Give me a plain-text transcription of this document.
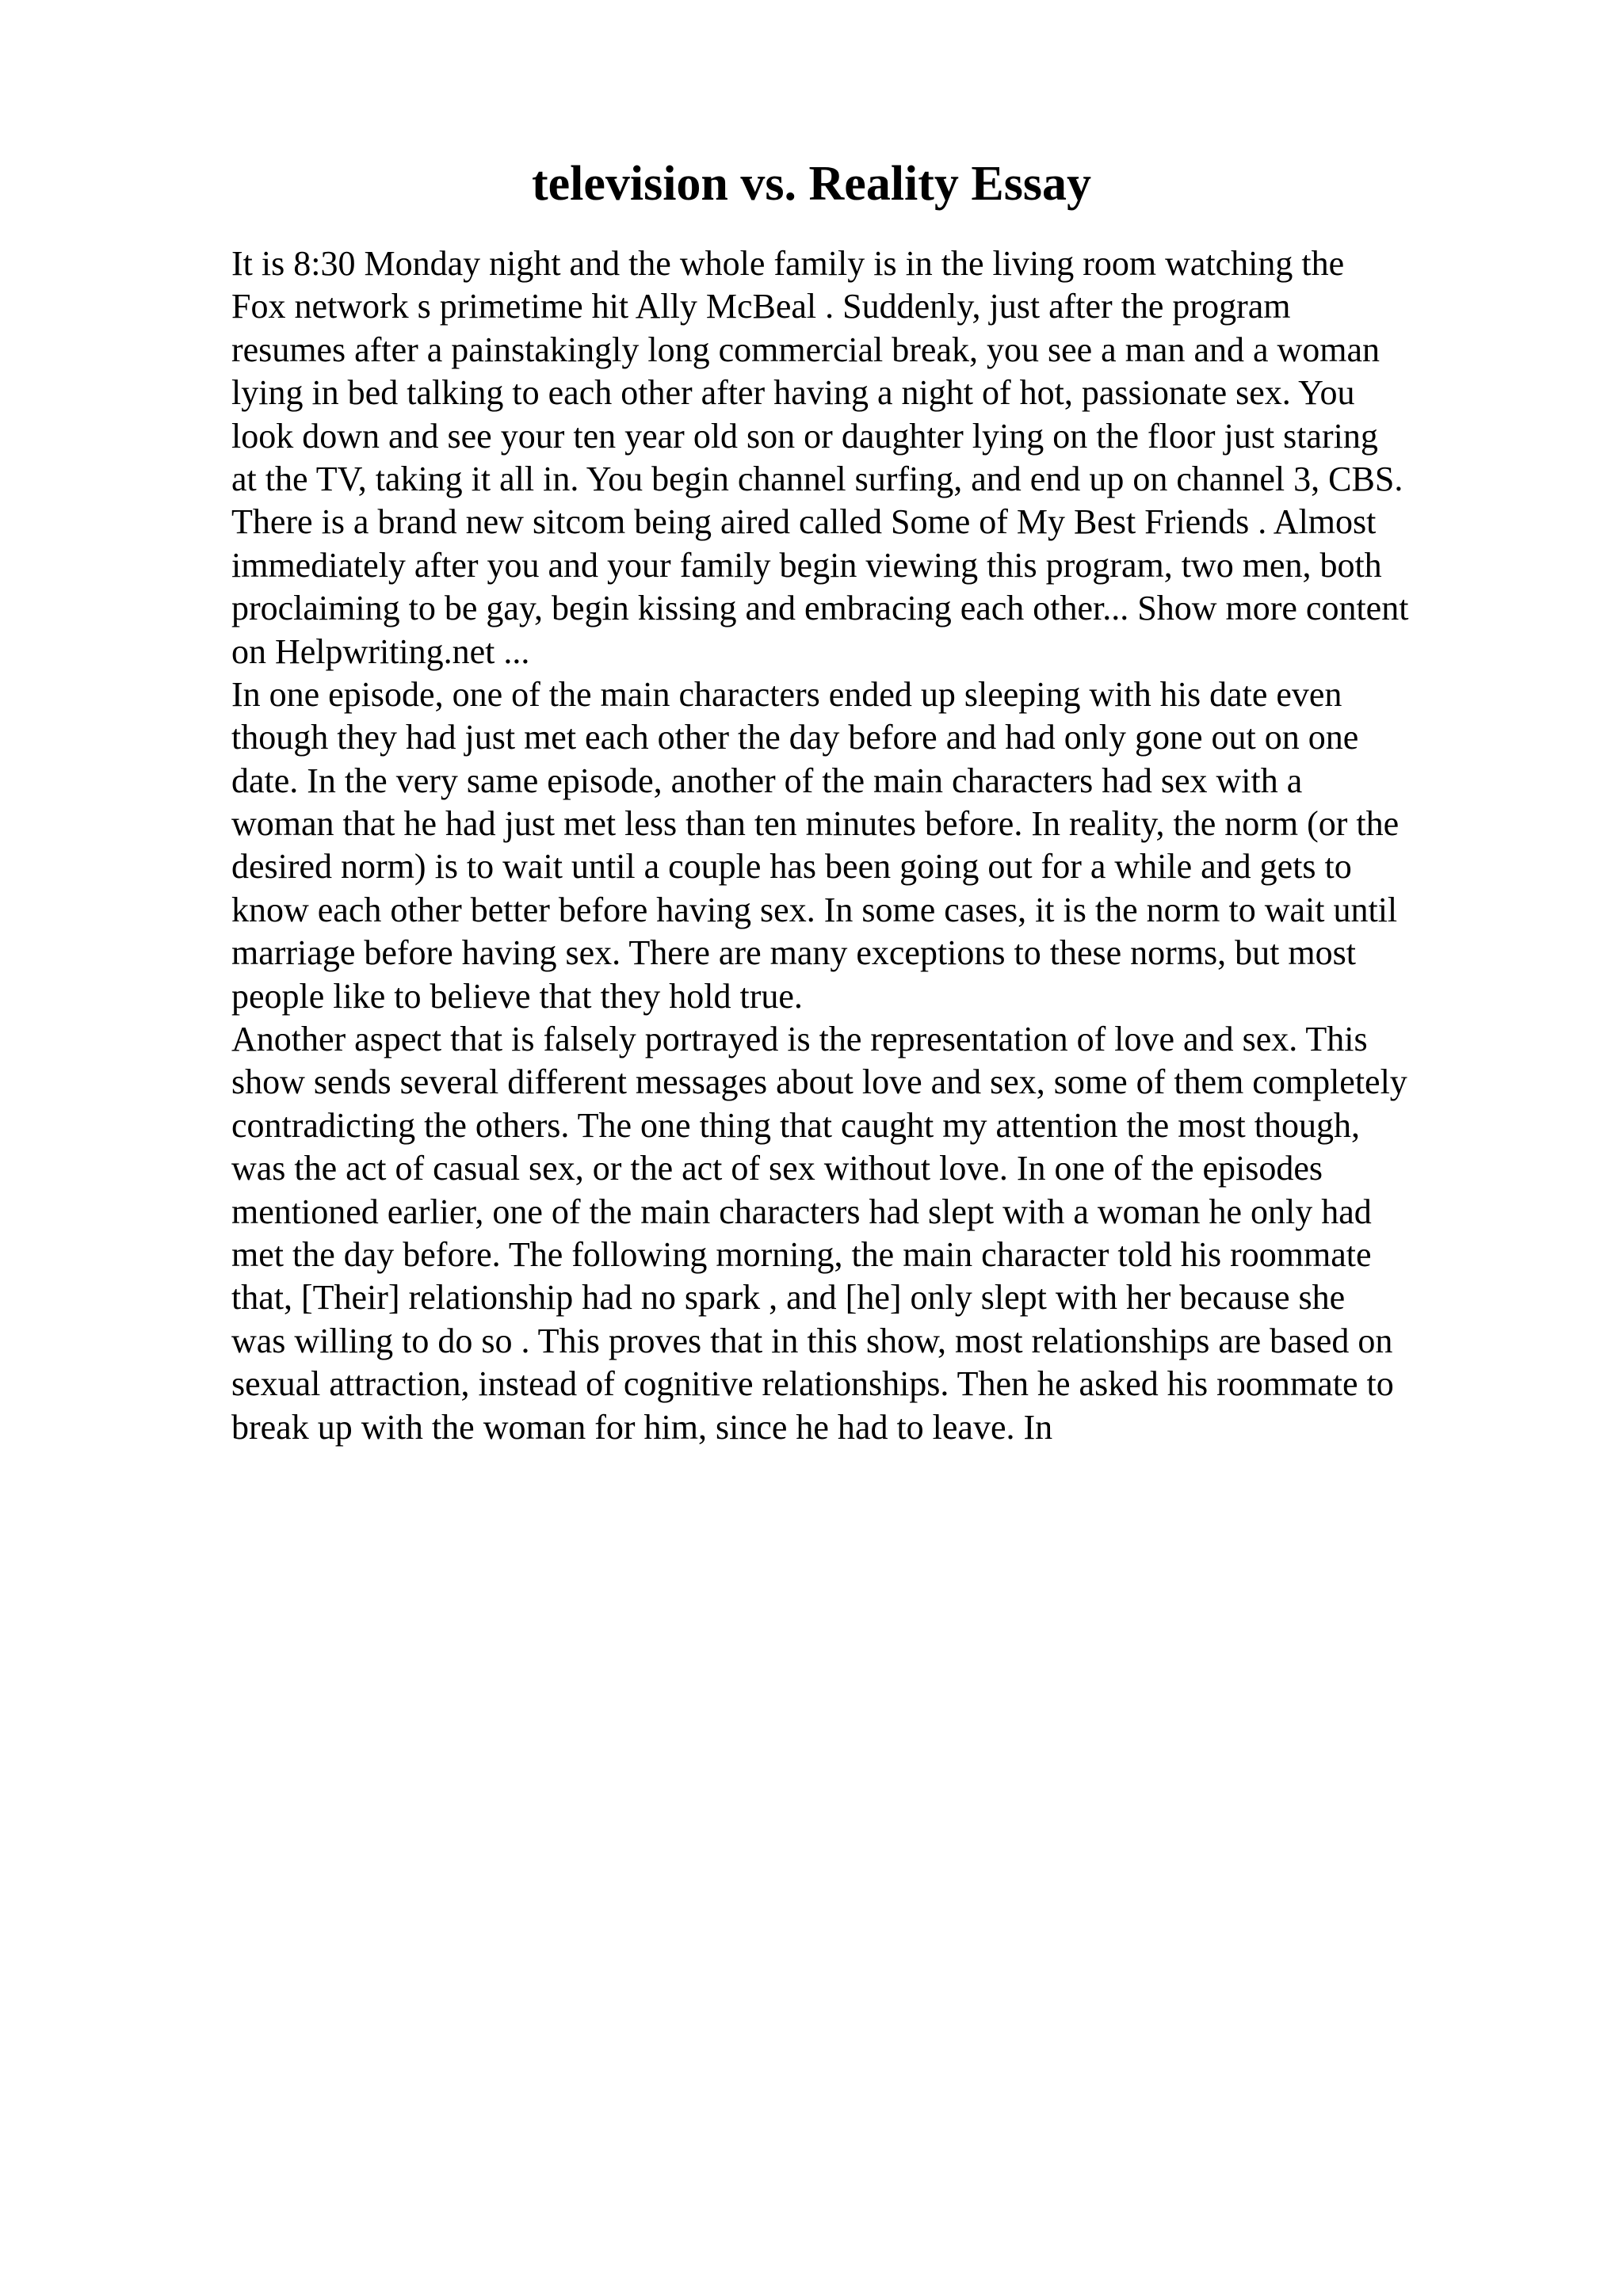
television vs. Reality Essay
It is 8:30 Monday night and the whole family is in the living room watching the
Fox network s primetime hit Ally McBeal . Suddenly, just after the program
resumes after a painstakingly long commercial break, you see a man and a woman
lying in bed talking to each other after having a night of hot, passionate sex. You
look down and see your ten year old son or daughter lying on the floor just staring
at the TV, taking it all in. You begin channel surfing, and end up on channel 3, CBS.
There is a brand new sitcom being aired called Some of My Best Friends . Almost
immediately after you and your family begin viewing this program, two men, both
proclaiming to be gay, begin kissing and embracing each other... Show more content
on Helpwriting.net ...
In one episode, one of the main characters ended up sleeping with his date even
though they had just met each other the day before and had only gone out on one
date. In the very same episode, another of the main characters had sex with a
woman that he had just met less than ten minutes before. In reality, the norm (or the
desired norm) is to wait until a couple has been going out for a while and gets to
know each other better before having sex. In some cases, it is the norm to wait until
marriage before having sex. There are many exceptions to these norms, but most
people like to believe that they hold true.
Another aspect that is falsely portrayed is the representation of love and sex. This
show sends several different messages about love and sex, some of them completely
contradicting the others. The one thing that caught my attention the most though,
was the act of casual sex, or the act of sex without love. In one of the episodes
mentioned earlier, one of the main characters had slept with a woman he only had
met the day before. The following morning, the main character told his roommate
that, [Their] relationship had no spark , and [he] only slept with her because she
was willing to do so . This proves that in this show, most relationships are based on
sexual attraction, instead of cognitive relationships. Then he asked his roommate to
break up with the woman for him, since he had to leave. In
